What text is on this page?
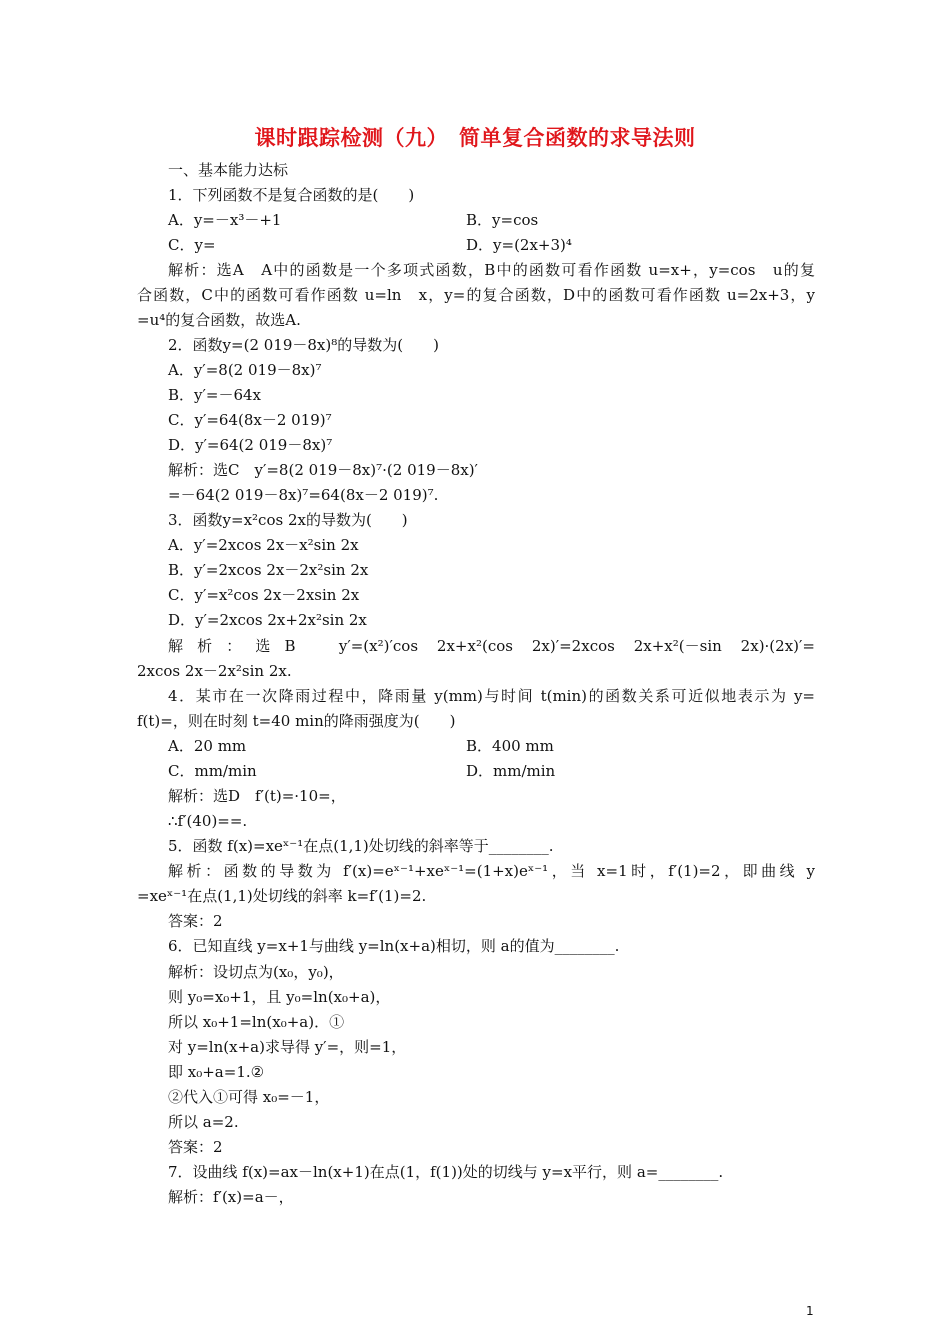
课时跟踪检测（九）　简单复合函数的求导法则
一、基本能力达标
1．下列函数不是复合函数的是(　　)
A．y=－x³－+1	B．y=cos
C．y=	D．y=(2x+3)⁴
解析：选A　A中的函数是一个多项式函数，B中的函数可看作函数 u=x+，y=cos　u的复
合函数，C中的函数可看作函数 u=ln　x，y=的复合函数，D中的函数可看作函数 u=2x+3，y
=u⁴的复合函数，故选A.
2．函数y=(2 019－8x)⁸的导数为(　　)
A．y′=8(2 019－8x)⁷
B．y′=－64x
C．y′=64(8x－2 019)⁷
D．y′=64(2 019－8x)⁷
解析：选C　y′=8(2 019－8x)⁷·(2 019－8x)′
=－64(2 019－8x)⁷=64(8x－2 019)⁷.
3．函数y=x²cos 2x的导数为(　　)
A．y′=2xcos 2x－x²sin 2x
B．y′=2xcos 2x－2x²sin 2x
C．y′=x²cos 2x－2xsin 2x
D．y′=2xcos 2x+2x²sin 2x
解析：选B　y′=(x²)′cos 2x+x²(cos 2x)′=2xcos 2x+x²(－sin 2x)·(2x)′=
2xcos 2x－2x²sin 2x.
4．某市在一次降雨过程中，降雨量 y(mm)与时间 t(min)的函数关系可近似地表示为 y=
f(t)=，则在时刻 t=40 min的降雨强度为(　　)
A．20 mm	B．400 mm
C．mm/min	D．mm/min
解析：选D　f′(t)=·10=，
∴f′(40)==.
5．函数 f(x)=xeˣ⁻¹在点(1,1)处切线的斜率等于________.
解析：函数的导数为 f′(x)=eˣ⁻¹+xeˣ⁻¹=(1+x)eˣ⁻¹，当 x=1时，f′(1)=2，即曲线 y
=xeˣ⁻¹在点(1,1)处切线的斜率 k=f′(1)=2.
答案：2
6．已知直线 y=x+1与曲线 y=ln(x+a)相切，则 a的值为________.
解析：设切点为(x₀，y₀)，
则 y₀=x₀+1，且 y₀=ln(x₀+a)，
所以 x₀+1=ln(x₀+a)．①
对 y=ln(x+a)求导得 y′=，则=1，
即 x₀+a=1.②
②代入①可得 x₀=－1，
所以 a=2.
答案：2
7．设曲线 f(x)=ax－ln(x+1)在点(1，f(1))处的切线与 y=x平行，则 a=________.
解析：f′(x)=a－，
1
